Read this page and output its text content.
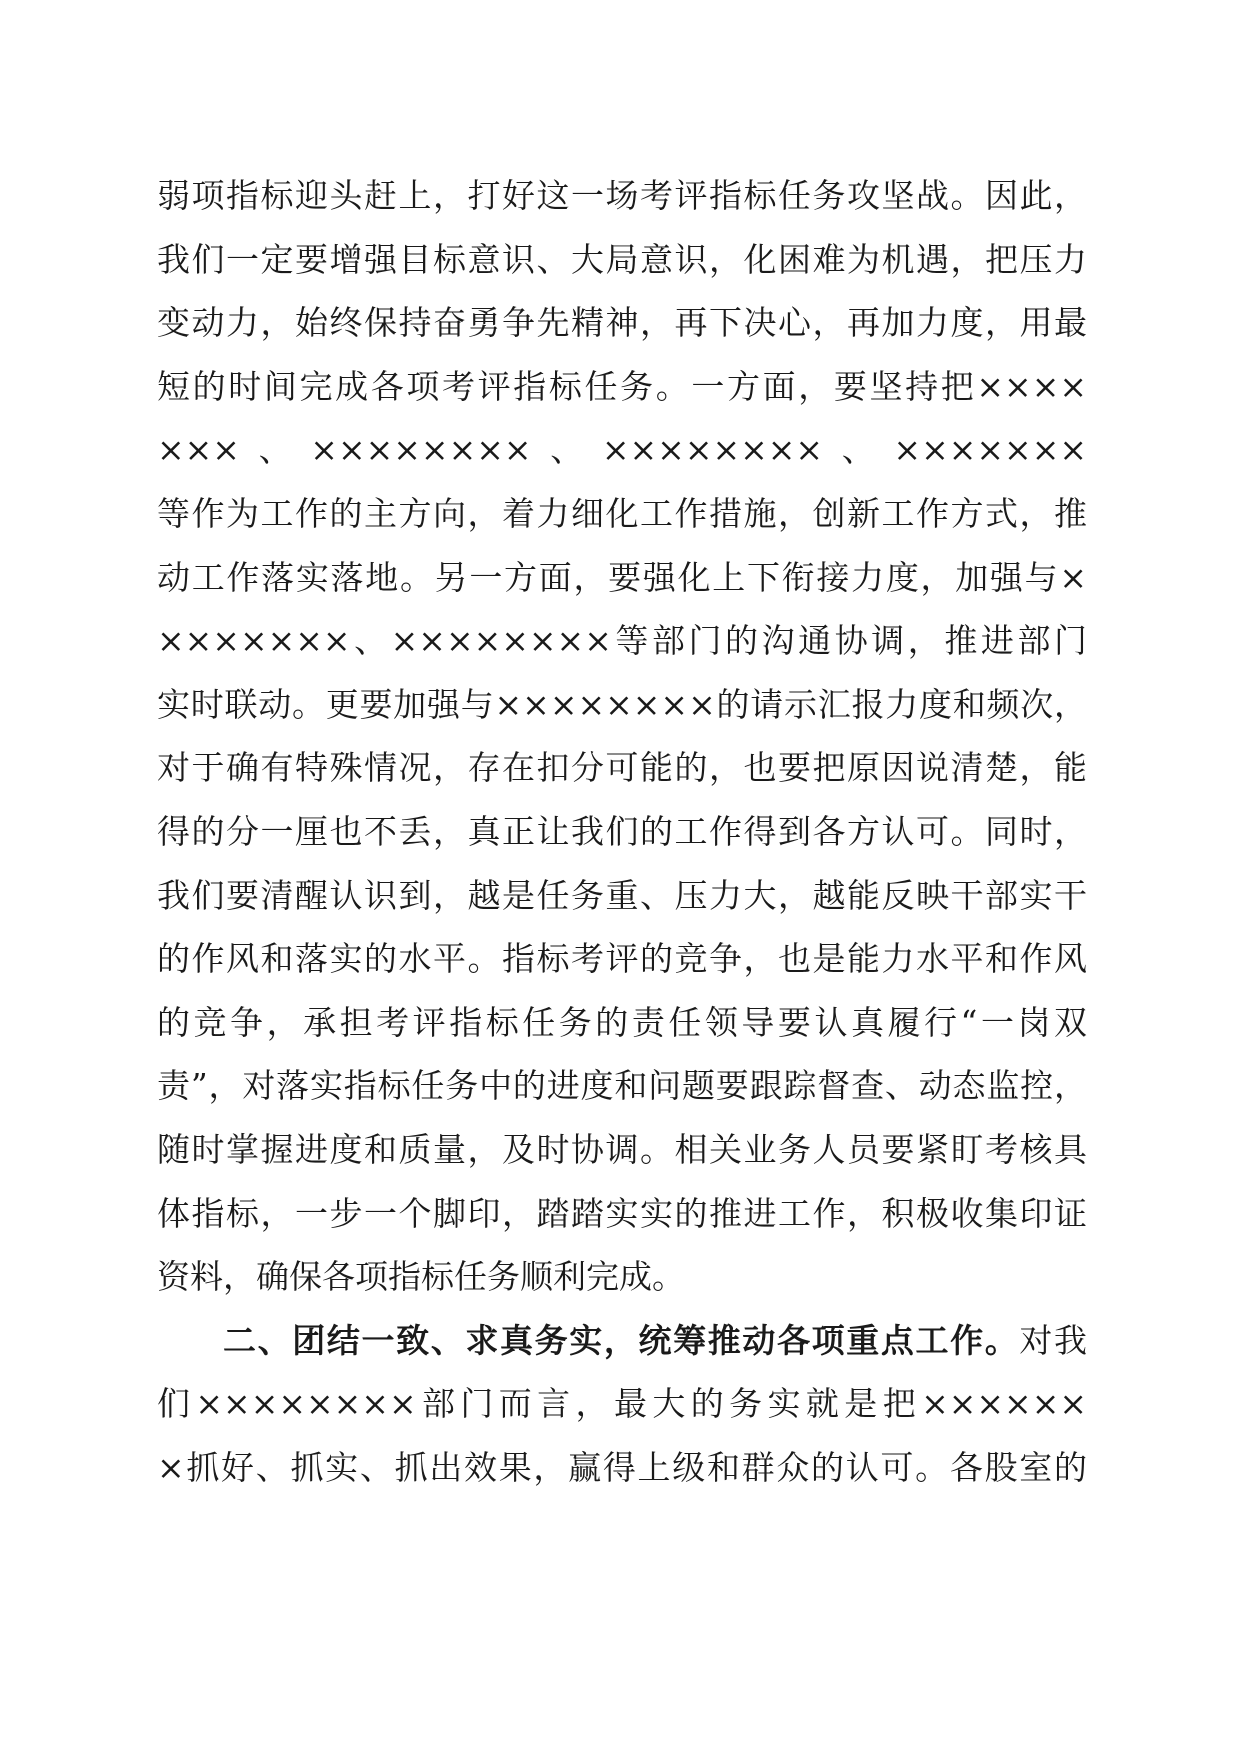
弱项指标迎头赶上，打好这一场考评指标任务攻坚战。因此，
我们一定要增强目标意识、大局意识，化困难为机遇，把压力
变动力，始终保持奋勇争先精神，再下决心，再加力度，用最
短的时间完成各项考评指标任务。一方面，要坚持把××××
×××、××××××××、××××××××、×××××××
等作为工作的主方向，着力细化工作措施，创新工作方式，推
动工作落实落地。另一方面，要强化上下衔接力度，加强与×
×××××××、××××××××等部门的沟通协调，推进部门
实时联动。更要加强与××××××××的请示汇报力度和频次，
对于确有特殊情况，存在扣分可能的，也要把原因说清楚，能
得的分一厘也不丢，真正让我们的工作得到各方认可。同时，
我们要清醒认识到，越是任务重、压力大，越能反映干部实干
的作风和落实的水平。指标考评的竞争，也是能力水平和作风
的竞争，承担考评指标任务的责任领导要认真履行“一岗双
责”，对落实指标任务中的进度和问题要跟踪督查、动态监控，
随时掌握进度和质量，及时协调。相关业务人员要紧盯考核具
体指标，一步一个脚印，踏踏实实的推进工作，积极收集印证
资料，确保各项指标任务顺利完成。
二、团结一致、求真务实，统筹推动各项重点工作。对我
们××××××××部门而言，最大的务实就是把××××××
×抓好、抓实、抓出效果，赢得上级和群众的认可。各股室的
